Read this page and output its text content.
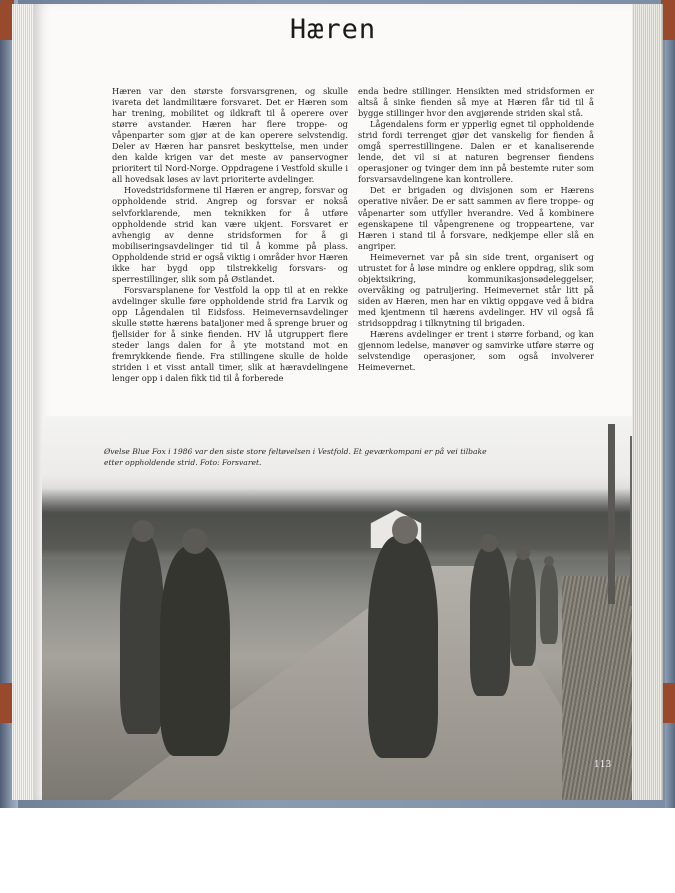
Hæren

Hæren var den største forsvarsgrenen, og skulle ivareta det landmilitære forsvaret. Det er Hæren som har trening, mobilitet og ildkraft til å operere over større avstander. Hæren har flere troppe- og våpenparter som gjør at de kan operere selvstendig. Deler av Hæren har pansret beskyttelse, men under den kalde krigen var det meste av panservogner prioritert til Nord-Norge. Oppdragene i Vestfold skulle i all hovedsak løses av lavt prioriterte avdelinger.

Hovedstridsformene til Hæren er angrep, forsvar og oppholdende strid. Angrep og forsvar er nokså selvforklarende, men teknikken for å utføre oppholdende strid kan være ukjent. Forsvaret er avhengig av denne stridsformen for å gi mobiliseringsavdelinger tid til å komme på plass. Oppholdende strid er også viktig i områder hvor Hæren ikke har bygd opp tilstrekkelig forsvars- og sperrestillinger, slik som på Østlandet.

Forsvarsplanene for Vestfold la opp til at en rekke avdelinger skulle føre oppholdende strid fra Larvik og opp Lågendalen til Eidsfoss. Heimevernsavdelinger skulle støtte hærens bataljoner med å sprenge bruer og fjellsider for å sinke fienden. HV lå utgruppert flere steder langs dalen for å yte motstand mot en fremrykkende fiende. Fra stillingene skulle de holde striden i et visst antall timer, slik at hæravdelingene lenger opp i dalen fikk tid til å forberede

enda bedre stillinger. Hensikten med stridsformen er altså å sinke fienden så mye at Hæren får tid til å bygge stillinger hvor den avgjørende striden skal stå.

Lågendalens form er ypperlig egnet til oppholdende strid fordi terrenget gjør det vanskelig for fienden å omgå sperrestillingene. Dalen er et kanaliserende lende, det vil si at naturen begrenser fiendens operasjoner og tvinger dem inn på bestemte ruter som forsvarsavdelingene kan kontrollere.

Det er brigaden og divisjonen som er Hærens operative nivåer. De er satt sammen av flere troppe- og våpenarter som utfyller hverandre. Ved å kombinere egenskapene til våpengrenene og troppeartene, var Hæren i stand til å forsvare, nedkjempe eller slå en angriper.

Heimevernet var på sin side trent, organisert og utrustet for å løse mindre og enklere oppdrag, slik som objektsikring, kommunikasjonsødeleggelser, overvåking og patruljering. Heimevernet står litt på siden av Hæren, men har en viktig oppgave ved å bidra med kjentmenn til hærens avdelinger. HV vil også få stridsoppdrag i tilknytning til brigaden.

Hærens avdelinger er trent i større forband, og kan gjennom ledelse, manøver og samvirke utføre større og selvstendige operasjoner, som også involverer Heimevernet.

Øvelse Blue Fox i 1986 var den siste store feltøvelsen i Vestfold. Et geværkompani er på vei tilbake etter oppholdende strid. Foto: Forsvaret.
113
